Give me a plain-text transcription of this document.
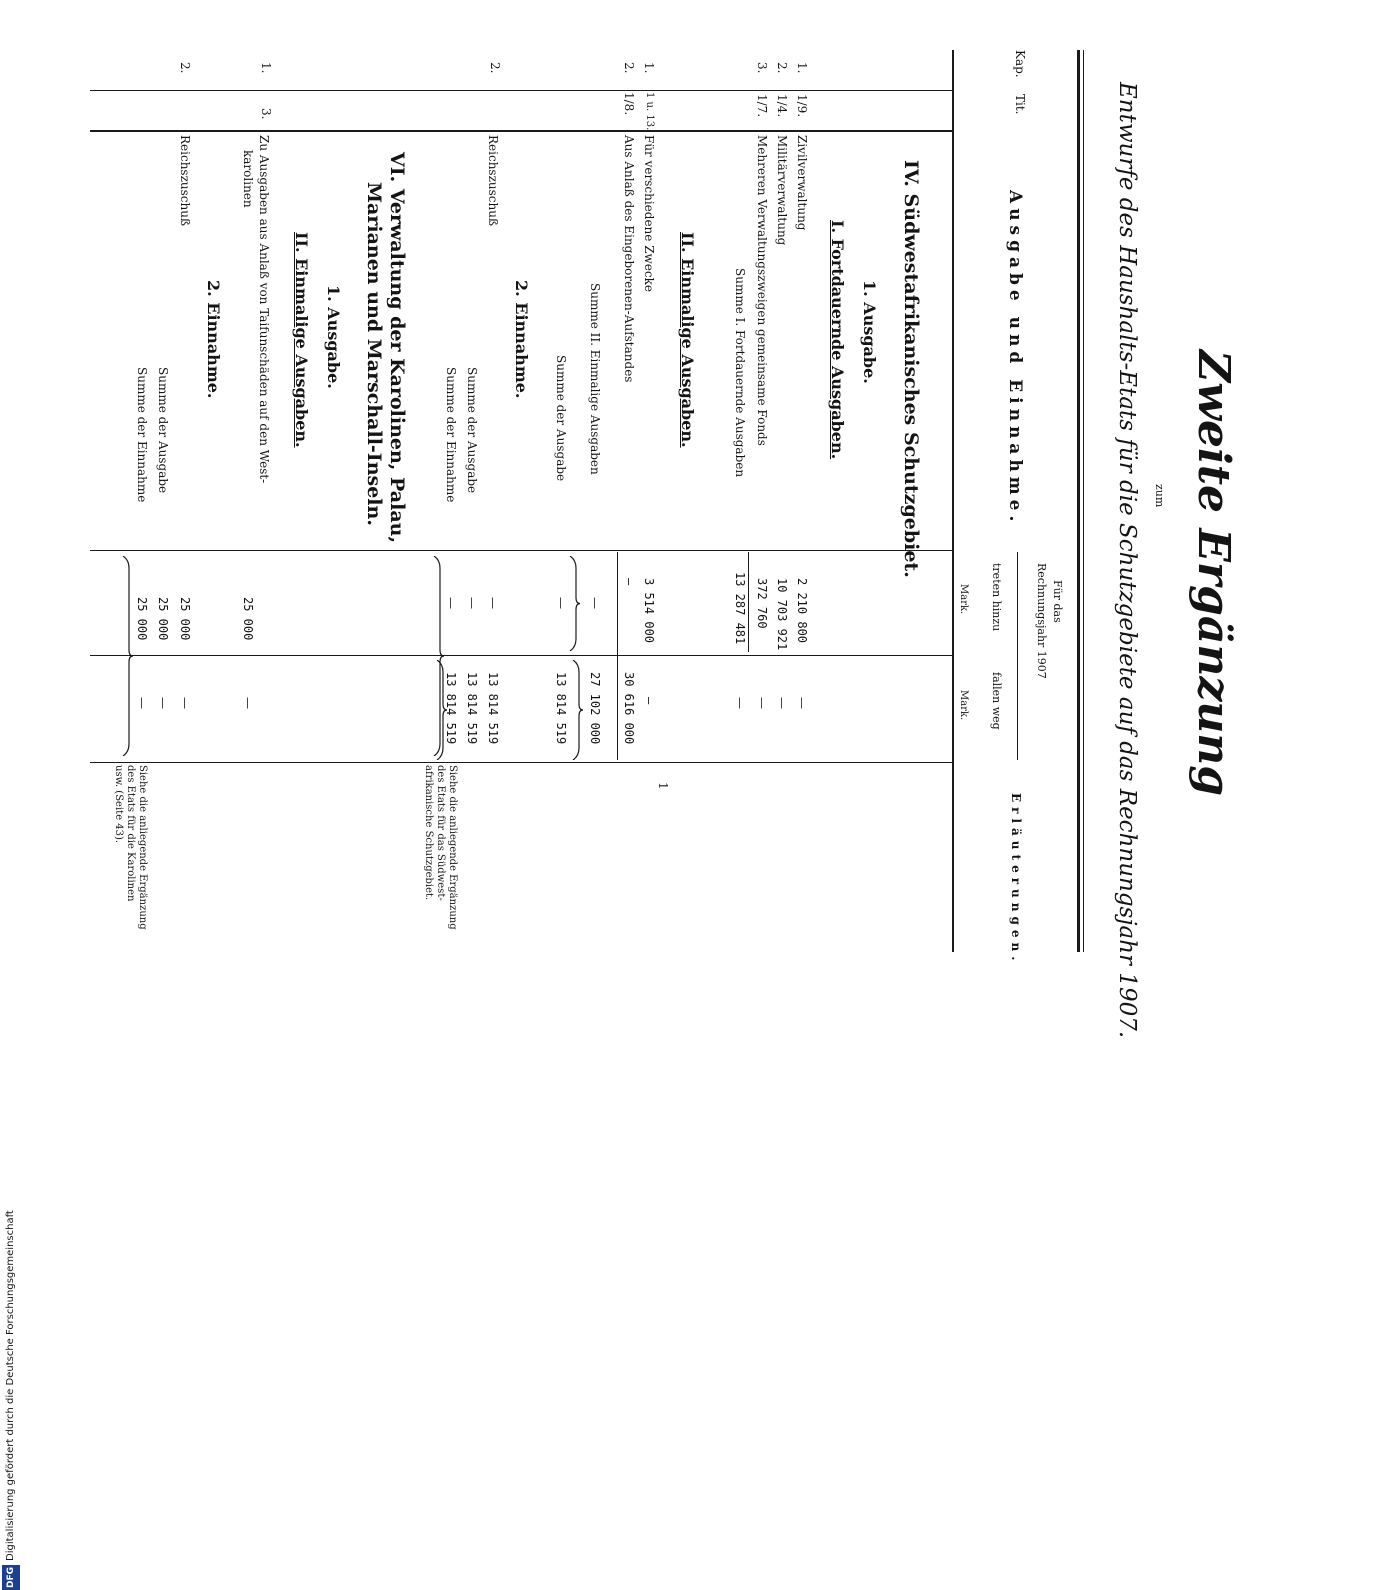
Zweite Ergänzung
zum
Entwurfe des Haushalts-Etats für die Schutzgebiete auf das Rechnungsjahr 1907.
Kap.
Tit.
Ausgabe und Einnahme.
Für das
Rechnungsjahr 1907
treten hinzu
fallen weg
Mark.
Mark.
Erläuterungen.
IV. Südwestafrikanisches Schutzgebiet.
1. Ausgabe.
I. Fortdauernde Ausgaben.
1.
1/9.
Zivilverwaltung
2 210 800
—
2.
1/4.
Militärverwaltung
10 703 921
—
3.
1/7.
Mehreren Verwaltungszweigen gemeinsame Fonds
372 760
—
Summe I. Fortdauernde Ausgaben
13 287 481
—
II. Einmalige Ausgaben.
1.
1 u. 13.
Für verschiedene Zwecke
3 514 000
—
2.
1/8.
Aus Anlaß des Eingeborenen-Aufstandes
—
30 616 000
Summe II. Einmalige Ausgaben
—
27 102 000
Summe der Ausgabe
—
13 814 519
2. Einnahme.
2.
Reichszuschuß
—
13 814 519
Summe der Ausgabe
—
13 814 519
Summe der Einnahme
—
13 814 519
Siehe die anliegende Ergänzung
des Etats für das Südwest-
afrikanische Schutzgebiet.
VI. Verwaltung der Karolinen, Palau,
Marianen und Marschall-Inseln.
1. Ausgabe.
II. Einmalige Ausgaben.
1.
3.
Zu Ausgaben aus Anlaß von Taifunschäden auf den West-
karolinen
25 000
—
2. Einnahme.
2.
Reichszuschuß
25 000
—
Summe der Ausgabe
25 000
—
Summe der Einnahme
25 000
—
Siehe die anliegende Ergänzung
des Etats für die Karolinen
usw. (Seite 43).
1
DFGDigitalisierung gefördert durch die Deutsche Forschungsgemeinschaft
